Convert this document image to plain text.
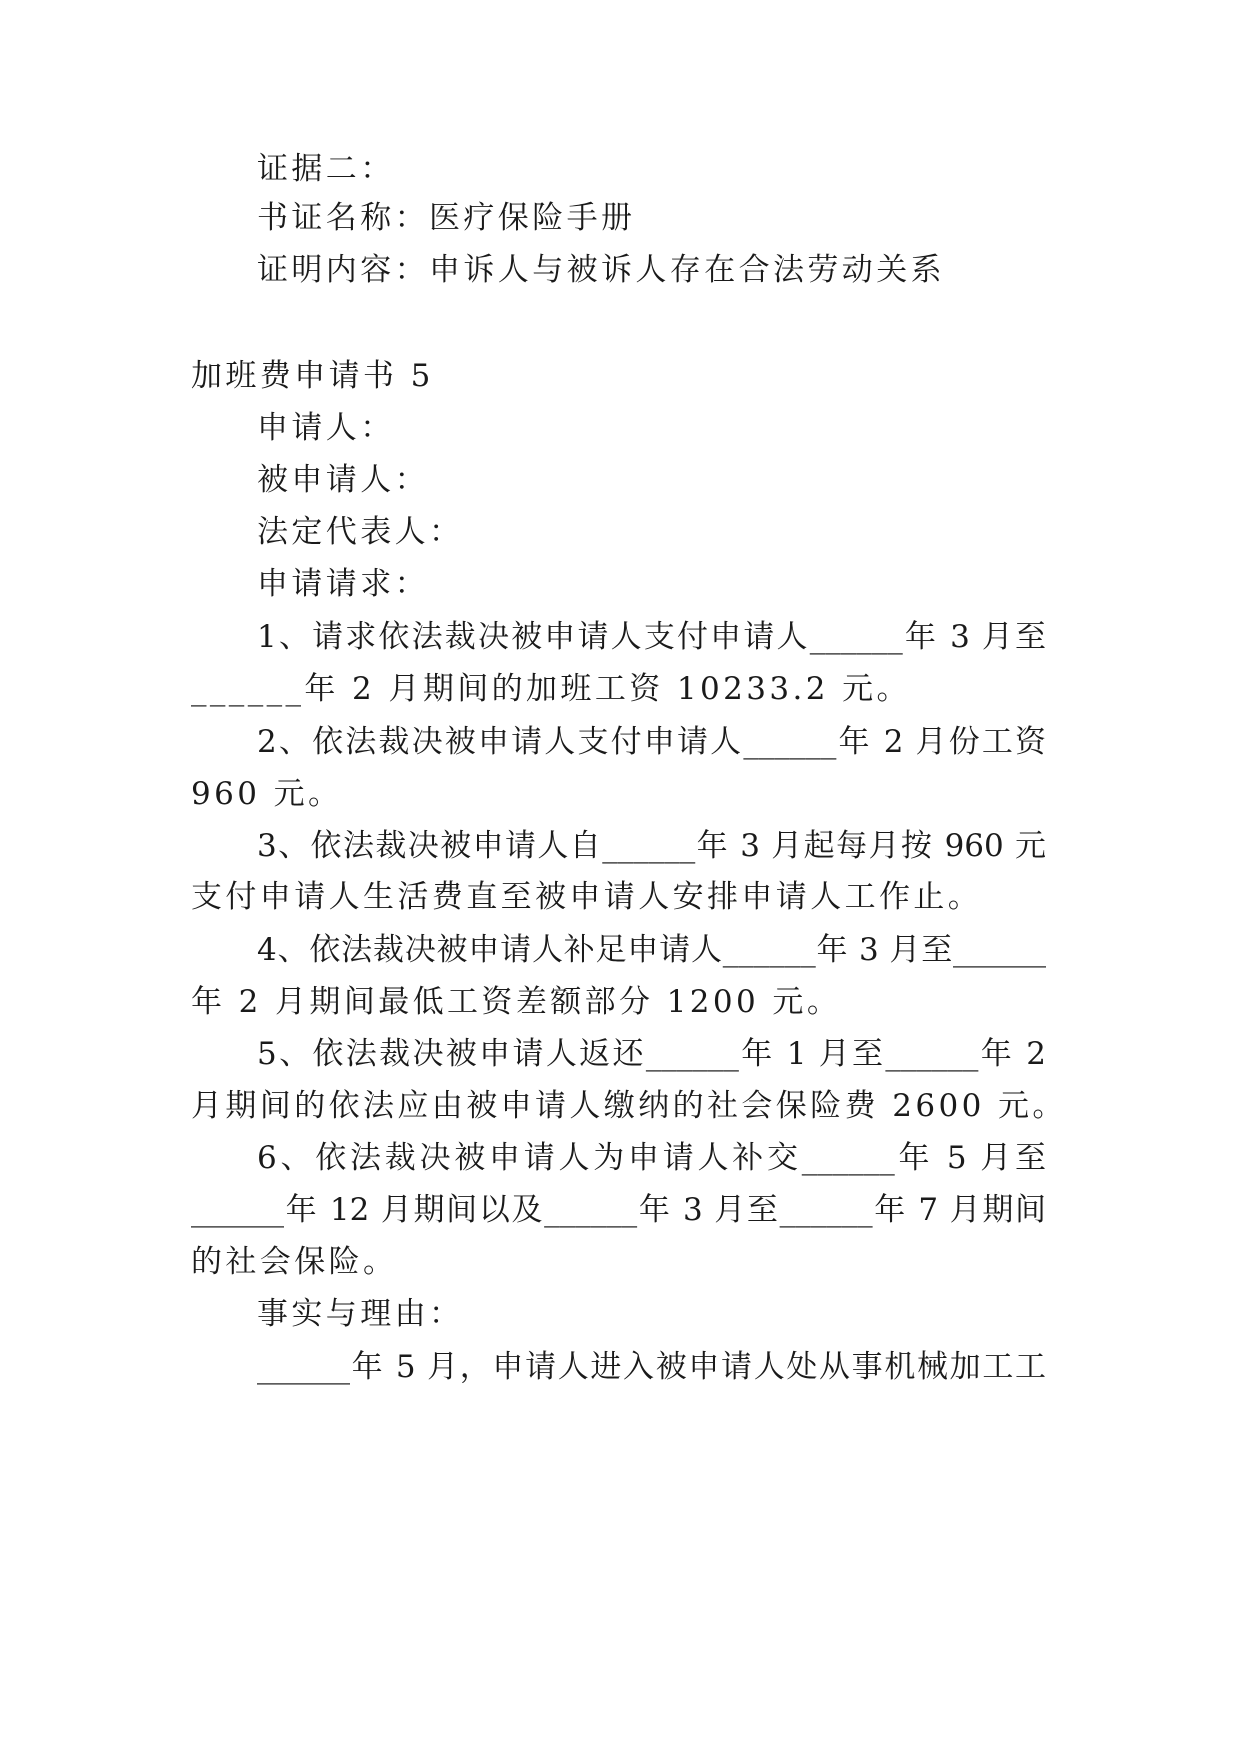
证据二：
书证名称：医疗保险手册
证明内容：申诉人与被诉人存在合法劳动关系
加班费申请书 5
申请人：
被申请人：
法定代表人：
申请请求：
1、请求依法裁决被申请人支付申请人______年 3 月至
______年 2 月期间的加班工资 10233.2 元。
2、依法裁决被申请人支付申请人______年 2 月份工资
960 元。
3、依法裁决被申请人自______年 3 月起每月按 960 元
支付申请人生活费直至被申请人安排申请人工作止。
4、依法裁决被申请人补足申请人______年 3 月至______
年 2 月期间最低工资差额部分 1200 元。
5、依法裁决被申请人返还______年 1 月至______年 2
月期间的依法应由被申请人缴纳的社会保险费 2600 元。
6、依法裁决被申请人为申请人补交______年 5 月至
______年 12 月期间以及______年 3 月至______年 7 月期间
的社会保险。
事实与理由：
______年 5 月，申请人进入被申请人处从事机械加工工
